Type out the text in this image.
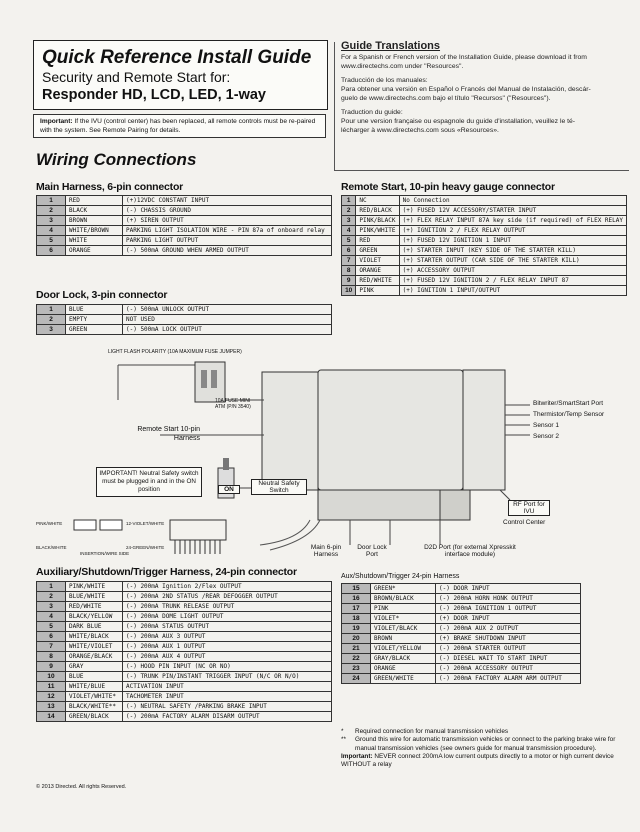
Quick Reference Install Guide
Security and Remote Start for:
Responder HD, LCD, LED, 1-way
Important: If the IVU (control center) has been replaced, all remote controls must be re-paired with the system. See Remote Pairing for details.
Guide Translations
For a Spanish or French version of the Installation Guide, please download it from
www.directechs.com under "Resources".
Traducción de los manuales:
Para obtener una versión en Español o Francés del Manual de Instalación, descár-
guelo de www.directechs.com bajo el título "Recursos" ("Resources").
Traduction du guide:
Pour une version française ou espagnole du guide d'installation, veuillez le té-
lécharger à www.directechs.com sous «Resources».
Wiring Connections
Main Harness, 6-pin connector
1	RED	(+)12VDC CONSTANT INPUT
2	BLACK	(-) CHASSIS GROUND
3	BROWN	(+) SIREN OUTPUT
4	WHITE/BROWN	PARKING LIGHT ISOLATION WIRE - PIN 87a of onboard relay
5	WHITE	PARKING LIGHT OUTPUT
6	ORANGE	(-) 500mA GROUND WHEN ARMED OUTPUT
Door Lock, 3-pin connector
1	BLUE	(-) 500mA UNLOCK OUTPUT
2	EMPTY	NOT USED
3	GREEN	(-) 500mA LOCK OUTPUT
Remote Start, 10-pin heavy gauge connector
1	NC	No Connection
2	RED/BLACK	(+) FUSED 12V ACCESSORY/STARTER INPUT
3	PINK/BLACK	(+) FLEX RELAY INPUT 87A key side (if required) of FLEX RELAY
4	PINK/WHITE	(+) IGNITION 2 / FLEX RELAY OUTPUT
5	RED	(+) FUSED 12V IGNITION 1 INPUT
6	GREEN	(+) STARTER INPUT (KEY SIDE OF THE STARTER KILL)
7	VIOLET	(+) STARTER OUTPUT (CAR SIDE OF THE STARTER KILL)
8	ORANGE	(+) ACCESSORY OUTPUT
9	RED/WHITE	(+) FUSED 12V IGNITION 2 / FLEX RELAY INPUT 87
10	PINK	(+) IGNITION 1 INPUT/OUTPUT
LIGHT FLASH POLARITY (10A MAXIMUM FUSE JUMPER)
10A FUSE MINI ATM (P/N 3540)
Remote Start 10-pin Harness
IMPORTANT! Neutral Safety switch must be plugged in and in the ON position	ON
Neutral Safety Switch
Bitwriter/SmartStart Port
Thermistor/Temp Sensor
Sensor 1
Sensor 2
RF Port for IVU
Control Center
Main 6-pin Harness
Door Lock Port
D2D Port (for external Xpresskit interface module)
PINK/WHITE	12-VIOLET/WHITE
BLACK/WHITE	24-GREEN/WHITE
INSERTION/WIRE SIDE
Auxiliary/Shutdown/Trigger Harness, 24-pin connector
1	PINK/WHITE	(-) 200mA Ignition 2/Flex OUTPUT
2	BLUE/WHITE	(-) 200mA 2ND STATUS /REAR DEFOGGER OUTPUT
3	RED/WHITE	(-) 200mA TRUNK RELEASE OUTPUT
4	BLACK/YELLOW	(-) 200mA DOME LIGHT OUTPUT
5	DARK BLUE	(-) 200mA STATUS OUTPUT
6	WHITE/BLACK	(-) 200mA AUX 3 OUTPUT
7	WHITE/VIOLET	(-) 200mA AUX 1 OUTPUT
8	ORANGE/BLACK	(-) 200mA AUX 4 OUTPUT
9	GRAY	(-) HOOD PIN INPUT (NC OR NO)
10	BLUE	(-) TRUNK PIN/INSTANT TRIGGER INPUT (N/C OR N/O)
11	WHITE/BLUE	ACTIVATION INPUT
12	VIOLET/WHITE*	TACHOMETER INPUT
13	BLACK/WHITE**	(-) NEUTRAL SAFETY /PARKING BRAKE INPUT
14	GREEN/BLACK	(-) 200mA FACTORY ALARM DISARM OUTPUT
Aux/Shutdown/Trigger 24-pin Harness
15	GREEN*	(-) DOOR INPUT
16	BROWN/BLACK	(-) 200mA HORN HONK OUTPUT
17	PINK	(-) 200mA IGNITION 1 OUTPUT
18	VIOLET*	(+) DOOR INPUT
19	VIOLET/BLACK	(-) 200mA AUX 2 OUTPUT
20	BROWN	(+) BRAKE SHUTDOWN INPUT
21	VIOLET/YELLOW	(-) 200mA STARTER OUTPUT
22	GRAY/BLACK	(-) DIESEL WAIT TO START INPUT
23	ORANGE	(-) 200mA ACCESSORY OUTPUT
24	GREEN/WHITE	(-) 200mA FACTORY ALARM ARM OUTPUT
* Required connection for manual transmission vehicles
**	Ground this wire for automatic transmission vehicles or connect to the parking brake wire for manual transmission vehicles (see owners guide for manual transmission procedure).
Important: NEVER connect 200mA low current outputs directly to a motor or high current device WITHOUT a relay
© 2013 Directed. All rights Reserved.
